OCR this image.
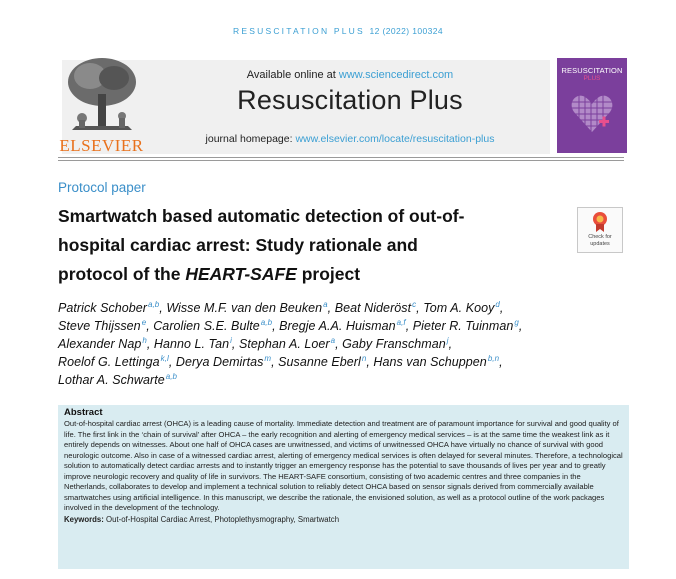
RESUSCITATION PLUS 12 (2022) 100324
ELSEVIER
Available online at www.sciencedirect.com
Resuscitation Plus
journal homepage: www.elsevier.com/locate/resuscitation-plus
RESUSCITATION
PLUS
Protocol paper
Smartwatch based automatic detection of out-of-
hospital cardiac arrest: Study rationale and
protocol of the HEART-SAFE project
Check for
updates
Patrick Schober$^{a,b}$, Wisse M.F. van den Beuken$^a$, Beat Nideröst$^c$, Tom A. Kooy$^d$,
Steve Thijssen$^e$, Carolien S.E. Bulte$^{a,b}$, Bregje A.A. Huisman$^{a,f}$, Pieter R. Tuinman$^g$,
Alexander Nap$^h$, Hanno L. Tan$^i$, Stephan A. Loer$^a$, Gaby Franschman$^j$,
Roelof G. Lettinga$^{k,l}$, Derya Demirtas$^m$, Susanne Eberl$^n$, Hans van Schuppen$^{b,n}$,
Lothar A. Schwarte$^{a,b}$
Abstract
Out-of-hospital cardiac arrest (OHCA) is a leading cause of mortality. Immediate detection and treatment are of paramount importance for survival and good quality of life. The first link in the ‘chain of survival’ after OHCA – the early recognition and alerting of emergency medical services – is at the same time the weakest link as it entirely depends on witnesses. About one half of OHCA cases are unwitnessed, and victims of unwitnessed OHCA have virtually no chance of survival with good neurologic outcome. Also in case of a witnessed cardiac arrest, alerting of emergency medical services is often delayed for several minutes. Therefore, a technological solution to automatically detect cardiac arrests and to instantly trigger an emergency response has the potential to save thousands of lives per year and to greatly improve neurologic recovery and quality of life in survivors. The HEART-SAFE consortium, consisting of two academic centres and three companies in the Netherlands, collaborates to develop and implement a technical solution to reliably detect OHCA based on sensor signals derived from commercially available smartwatches using artificial intelligence. In this manuscript, we describe the rationale, the envisioned solution, as well as a protocol outline of the work packages involved in the development of the technology.
Keywords: Out-of-Hospital Cardiac Arrest, Photoplethysmography, Smartwatch
